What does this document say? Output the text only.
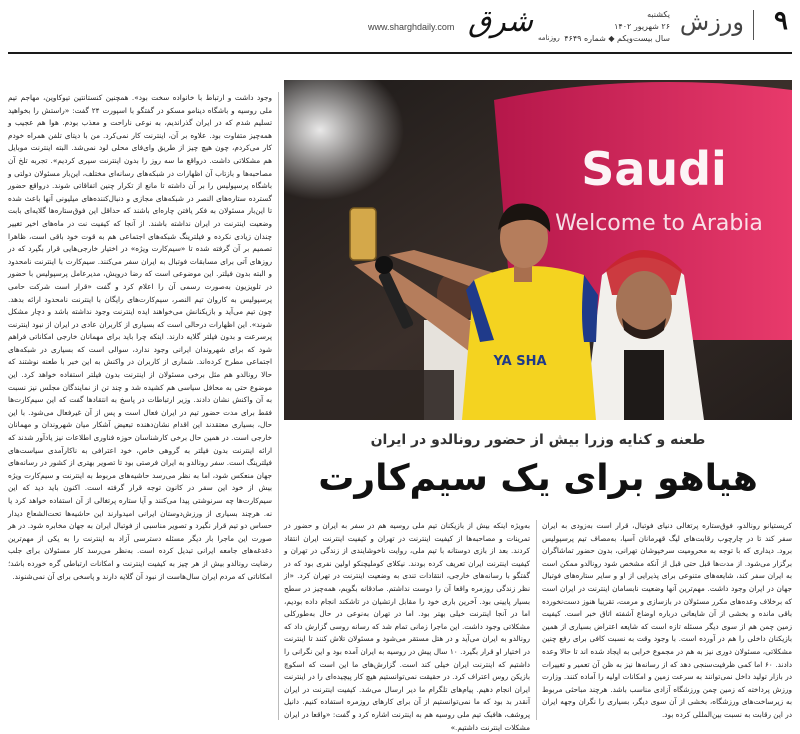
۹
ورزش
یکشنبه
۲۶ شهریور ۱۴۰۲
سال بیست‌ویکم ◆ شماره ۴۶۴۹
شرق روزنامه
www.sharghdaily.com
Saudi
Welcome to Arabia
YA SHA
طعنه و کنایه وزرا بیش از حضور رونالدو در ایران
هیاهو برای یک سیم‌کارت

کریستیانو رونالدو، فوق‌ستاره پرتغالی دنیای فوتبال، قرار است به‌زودی به ایران سفر کند تا در چارچوب رقابت‌های لیگ قهرمانان آسیا، به‌مصاف تیم پرسپولیس برود. دیداری که با توجه به محرومیت سرخپوشان تهرانی، بدون حضور تماشاگران برگزار می‌شود. از مدت‌ها قبل حتی قبل از آنکه مشخص شود رونالدو ممکن است به ایران سفر کند، شایعه‌های متنوعی برای پذیرایی از او و سایر ستاره‌های فوتبال جهان در ایران وجود داشت. مهم‌ترین آنها وضعیت نابسامان اینترنت در ایران است که برخلاف وعده‌های مکرر مسئولان در بازسازی و مرمت، تقریبا هنوز دست‌نخورده باقی مانده و بخشی از آن شایعاتی درباره اوضاع آشفته اتاق خبر است. کیفیت زمین چمن هم از سوی دیگر مسئله تازه است که شایعه اعتراض بسیاری از همین بازیکنان داخلی را هم در آورده است. با وجود وقت به نسبت کافی برای رفع چنین مشکلاتی، مسئولان دوری نیز به هم در مجموع خرابی به ایجاد شده اند تا حالا وعده دادند. ۶۰ اما کمی ظرفیت‌سنجی دهد که از رسانه‌ها نیز به ظن آن تعمیر و تغییرات در بازار تولید داخل نمی‌توانند به سرعت زمین و امکانات اولیه را آماده کنند. وزارت ورزش پرداخته که زمین چمن ورزشگاه آزادی مناسب باشد. هرچند مباحثی مربوط به زیرساخت‌های ورزشگاه، بخشی از آن سوی دیگر، بسیاری را نگران وجهه ایران در این رقابت به نسبت بین‌المللی کرده بود.

به‌ویژه اینکه بیش از بازیکنان تیم ملی روسیه هم در سفر به ایران و حضور در تمرینات و مصاحبه‌ها از کیفیت اینترنت در تهران و کیفیت اینترنت ایران انتقاد کردند. بعد از بازی دوستانه با تیم ملی، روایت ناخوشایندی از زندگی در تهران و کیفیت اینترنت ایران تعریف کرده بودند. نیکلای کوملیچنکو اولین نفری بود که در گفتگو با رسانه‌های خارجی، انتقادات تندی به وضعیت اینترنت در تهران کرد. «از نظر زندگی روزمره واقعا آن را دوست نداشتم. صادقانه بگویم، همه‌چیز در سطح بسیار پایینی بود. آخرین باری خود را مقابل ارتشیان در تاشکند انجام داده بودیم، اما در آنجا اینترنت خیلی بهتر بود. اما در تهران به‌نوعی در حال به‌طورکلی مشکلاتی وجود داشت. این ماجرا زمانی تمام شد که رسانه روسی گزارش داد که رونالدو به ایران می‌آید و در هتل مستقر می‌شود و مسئولان تلاش کنند تا اینترنت در اختیار او قرار بگیرد. ۱۰ سال پیش در روسیه به ایران آمده بود و این نگرانی را داشتیم که اینترنت ایران خیلی کند است. گزارش‌های ما این است که اسکوچ بازیکن روس اعتراف کرد. در حقیقت نمی‌توانستیم هیچ کار پیچیده‌ای را در اینترنت ایران انجام دهیم. پیام‌های تلگرام ما دیر ارسال می‌شد. کیفیت اینترنت در ایران آنقدر بد بود که ما نمی‌توانستیم از آن برای کارهای روزمره استفاده کنیم. دانیل پروشف، هافبک تیم ملی روسیه هم به اینترنت اشاره کرد و گفت: «واقعا در ایران مشکلات اینترنت داشتیم.»

وجود داشت و ارتباط با خانواده سخت بود». همچنین کنستانتین تیوکاوین، مهاجم تیم ملی روسیه و باشگاه دینامو مسکو در گفتگو با اسپورت ۲۴ گفت: «راستش را بخواهید تسلیم شدم که در ایران گذراندیم، به نوعی ناراحت و معذب بودم. هوا هم عجیب و همه‌چیز متفاوت بود. علاوه بر آن، اینترنت کار نمی‌کرد. من با دیتای تلفن همراه خودم کار می‌کردم، چون هیچ چیز از طریق وای‌فای محلی لود نمی‌شد. البته اینترنت موبایل هم مشکلاتی داشت. درواقع ما سه روز را بدون اینترنت سپری کردیم». تجربه تلخ آن مصاحبه‌ها و بازتاب آن اظهارات در شبکه‌های رسانه‌ای مختلف، این‌بار مسئولان دولتی و باشگاه پرسپولیس را بر آن داشته تا مانع از تکرار چنین اتفاقاتی شوند. درواقع حضور گسترده ستاره‌های النصر در شبکه‌های مجازی و دنبال‌کننده‌های میلیونی آنها باعث شده تا این‌بار مسئولان به فکر یافتن چاره‌ای باشند که حداقل این فوق‌ستاره‌ها گلایه‌ای بابت وضعیت اینترنت در ایران نداشته باشند. از آنجا که کیفیت نت در ماه‌های اخیر تغییر چندان زیادی نکرده و فیلترینگ شبکه‌های اجتماعی هم به قوت خود باقی است، ظاهرا تصمیم بر آن گرفته شده تا «سیم‌کارت ویژه» در اختیار خارجی‌هایی قرار بگیرد که در روزهای آتی برای مسابقات فوتبال به ایران سفر می‌کنند. سیم‌کارت با اینترنت نامحدود و البته بدون فیلتر. این موضوعی است که رضا درویش، مدیرعامل پرسپولیس با حضور در تلویزیون به‌صورت رسمی آن را اعلام کرد و گفت «قرار است شرکت حامی پرسپولیس به کاروان تیم النصر، سیم‌کارت‌های رایگان با اینترنت نامحدود ارائه بدهد. چون تیم می‌آید و بازیکنانش می‌خواهند ایده اینترنت وجود نداشته باشد و دچار مشکل شوند». این اظهارات درحالی است که بسیاری از کاربران عادی در ایران از نبود اینترنت پرسرعت و بدون فیلتر گلایه دارند. اینکه چرا باید برای مهمانان خارجی امکاناتی فراهم شود که برای شهروندان ایرانی وجود ندارد، سوالی است که بسیاری در شبکه‌های اجتماعی مطرح کرده‌اند. شماری از کاربران در واکنش به این خبر با طعنه نوشتند که حالا رونالدو هم مثل برخی مسئولان از اینترنت بدون فیلتر استفاده خواهد کرد. این موضوع حتی به محافل سیاسی هم کشیده شد و چند تن از نمایندگان مجلس نیز نسبت به آن واکنش نشان دادند. وزیر ارتباطات در پاسخ به انتقادها گفت که این سیم‌کارت‌ها فقط برای مدت حضور تیم در ایران فعال است و پس از آن غیرفعال می‌شود. با این حال، بسیاری معتقدند این اقدام نشان‌دهنده تبعیض آشکار میان شهروندان و مهمانان خارجی است. در همین حال برخی کارشناسان حوزه فناوری اطلاعات نیز یادآور شدند که ارائه اینترنت بدون فیلتر به گروهی خاص، خود اعترافی به ناکارآمدی سیاست‌های فیلترینگ است. سفر رونالدو به ایران فرصتی بود تا تصویر بهتری از کشور در رسانه‌های جهان منعکس شود، اما به نظر می‌رسد حاشیه‌های مربوط به اینترنت و سیم‌کارت ویژه بیش از خود این سفر در کانون توجه قرار گرفته است. اکنون باید دید که این سیم‌کارت‌ها چه سرنوشتی پیدا می‌کنند و آیا ستاره پرتغالی از آن استفاده خواهد کرد یا نه. هرچند بسیاری از ورزش‌دوستان ایرانی امیدوارند این حاشیه‌ها تحت‌الشعاع دیدار حساس دو تیم قرار نگیرد و تصویر مناسبی از فوتبال ایران به جهان مخابره شود. در هر صورت این ماجرا بار دیگر مسئله دسترسی آزاد به اینترنت را به یکی از مهم‌ترین دغدغه‌های جامعه ایرانی تبدیل کرده است. به‌نظر می‌رسد کار مسئولان برای جلب رضایت رونالدو بیش از هر چیز به کیفیت اینترنت و امکانات ارتباطی گره خورده باشد؛ امکاناتی که مردم ایران سال‌هاست از نبود آن گلایه دارند و پاسخی برای آن نمی‌شنوند.
